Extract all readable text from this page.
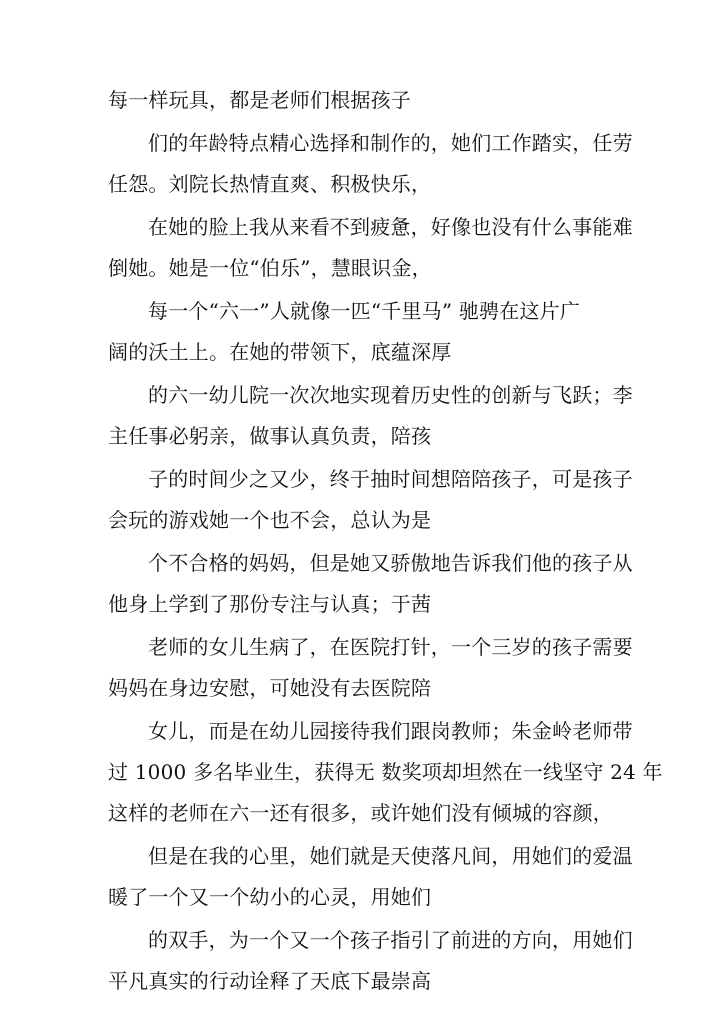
每一样玩具，都是老师们根据孩子
们的年龄特点精心选择和制作的，她们工作踏实，任劳
任怨。刘院长热情直爽、积极快乐，
在她的脸上我从来看不到疲惫，好像也没有什么事能难
倒她。她是一位“伯乐”，慧眼识金，
每一个“六一”人就像一匹“千里马” 驰骋在这片广
阔的沃土上。在她的带领下，底蕴深厚
的六一幼儿院一次次地实现着历史性的创新与飞跃；李
主任事必躬亲，做事认真负责，陪孩
子的时间少之又少，终于抽时间想陪陪孩子，可是孩子
会玩的游戏她一个也不会，总认为是
个不合格的妈妈，但是她又骄傲地告诉我们他的孩子从
他身上学到了那份专注与认真；于茜
老师的女儿生病了，在医院打针，一个三岁的孩子需要
妈妈在身边安慰，可她没有去医院陪
女儿，而是在幼儿园接待我们跟岗教师；朱金岭老师带
过 1000 多名毕业生，获得无 数奖项却坦然在一线坚守 24 年
这样的老师在六一还有很多，或许她们没有倾城的容颜，
但是在我的心里，她们就是天使落凡间，用她们的爱温
暖了一个又一个幼小的心灵，用她们
的双手，为一个又一个孩子指引了前进的方向，用她们
平凡真实的行动诠释了天底下最崇高
